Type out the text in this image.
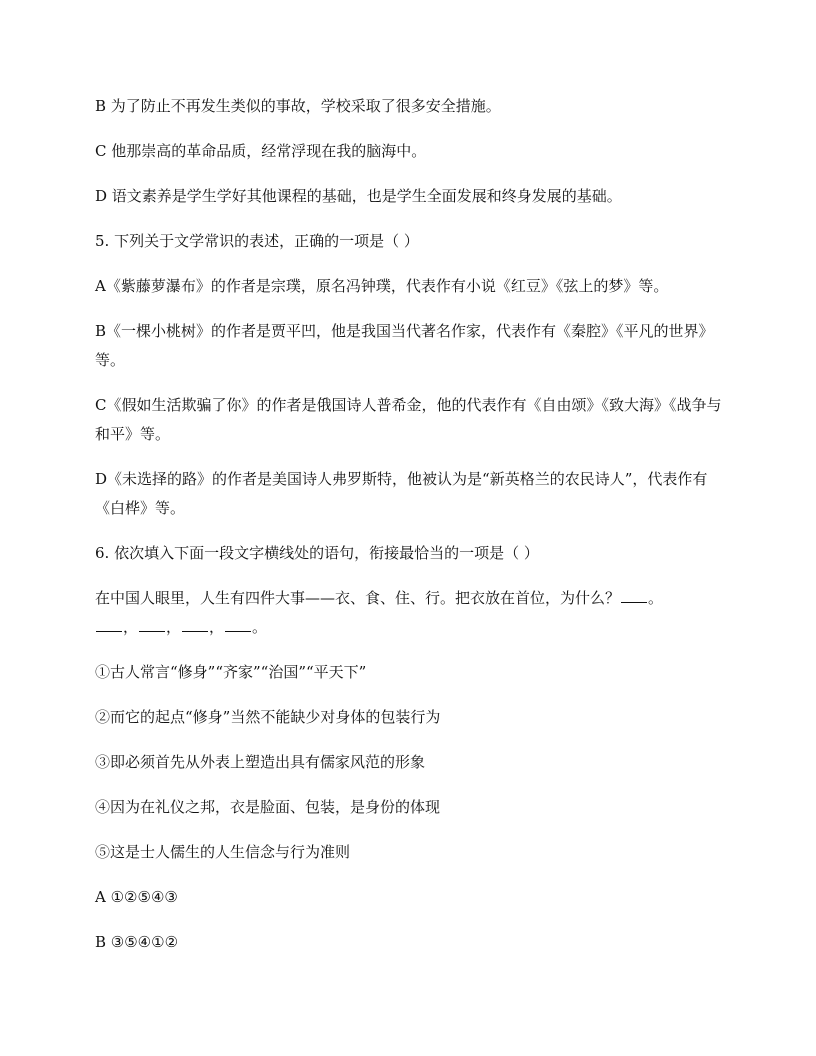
B 为了防止不再发生类似的事故，学校采取了很多安全措施。

C 他那崇高的革命品质，经常浮现在我的脑海中。

D 语文素养是学生学好其他课程的基础，也是学生全面发展和终身发展的基础。

5. 下列关于文学常识的表述，正确的一项是（ ）

A《紫藤萝瀑布》的作者是宗璞，原名冯钟璞，代表作有小说《红豆》《弦上的梦》等。

B《一棵小桃树》的作者是贾平凹，他是我国当代著名作家，代表作有《秦腔》《平凡的世界》等。

C《假如生活欺骗了你》的作者是俄国诗人普希金，他的代表作有《自由颂》《致大海》《战争与和平》等。

D《未选择的路》的作者是美国诗人弗罗斯特，他被认为是“新英格兰的农民诗人”，代表作有《白桦》等。

6. 依次填入下面一段文字横线处的语句，衔接最恰当的一项是（ ）

在中国人眼里，人生有四件大事——衣、食、住、行。把衣放在首位，为什么？ 。
， ， ， 。

①古人常言“修身”“齐家”“治国”“平天下”

②而它的起点“修身”当然不能缺少对身体的包装行为

③即必须首先从外表上塑造出具有儒家风范的形象

④因为在礼仪之邦，衣是脸面、包装，是身份的体现

⑤这是士人儒生的人生信念与行为准则

A ①②⑤④③

B ③⑤④①②
